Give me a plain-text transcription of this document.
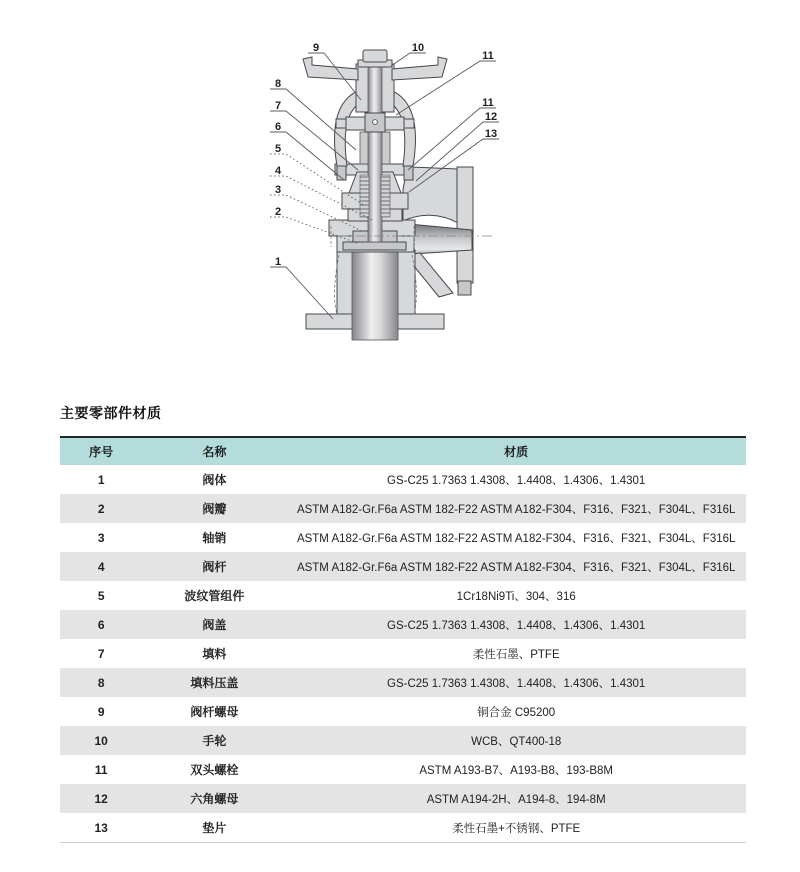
9	10
11
11
12
13
8
7
6
5
4
3
2
1
主要零部件材质
序号	名称	材质
1	阀体	GS-C25 1.7363 1.4308、1.4408、1.4306、1.4301
2	阀瓣	ASTM A182-Gr.F6a ASTM 182-F22 ASTM A182-F304、F316、F321、F304L、F316L
3	轴销	ASTM A182-Gr.F6a ASTM 182-F22 ASTM A182-F304、F316、F321、F304L、F316L
4	阀杆	ASTM A182-Gr.F6a ASTM 182-F22 ASTM A182-F304、F316、F321、F304L、F316L
5	波纹管组件	1Cr18Ni9Ti、304、316
6	阀盖	GS-C25 1.7363 1.4308、1.4408、1.4306、1.4301
7	填料	柔性石墨、PTFE
8	填料压盖	GS-C25 1.7363 1.4308、1.4408、1.4306、1.4301
9	阀杆螺母	铜合金 C95200
10	手轮	WCB、QT400-18
11	双头螺栓	ASTM A193-B7、A193-B8、193-B8M
12	六角螺母	ASTM A194-2H、A194-8、194-8M
13	垫片	柔性石墨+不锈钢、PTFE
